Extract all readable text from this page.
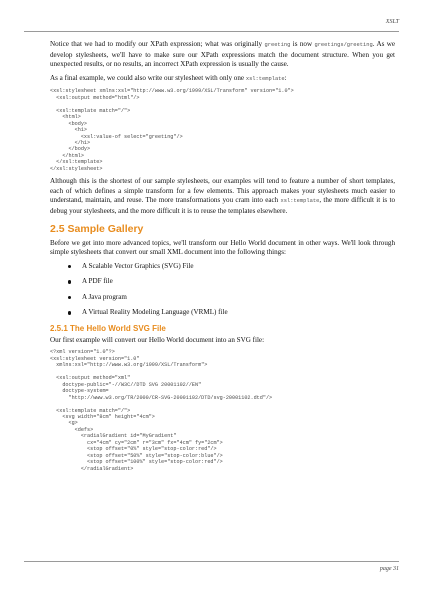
XSLT

Notice that we had to modify our XPath expression; what was originally greeting is now greetings/greeting. As we develop stylesheets, we'll have to make sure our XPath expressions match the document structure. When you get unexpected results, or no results, an incorrect XPath expression is usually the cause.

As a final example, we could also write our stylesheet with only one xsl:template:

<xsl:stylesheet xmlns:xsl="http://www.w3.org/1999/XSL/Transform" version="1.0">
<xsl:output method="html"/>

<xsl:template match="/">
<html>
<body>
<h1>
<xsl:value-of select="greeting"/>
</h1>
</body>
</html>
</xsl:template>
</xsl:stylesheet>

Although this is the shortest of our sample stylesheets, our examples will tend to feature a number of short templates, each of which defines a simple transform for a few elements. This approach makes your stylesheets much easier to understand, maintain, and reuse. The more transformations you cram into each xsl:template, the more difficult it is to debug your stylesheets, and the more difficult it is to reuse the templates elsewhere.

2.5 Sample Gallery

Before we get into more advanced topics, we'll transform our Hello World document in other ways. We'll look through simple stylesheets that convert our small XML document into the following things:

A Scalable Vector Graphics (SVG) File
A PDF file
A Java program
A Virtual Reality Modeling Language (VRML) file
2.5.1 The Hello World SVG File

Our first example will convert our Hello World document into an SVG file:

<?xml version="1.0"?>
<xsl:stylesheet version="1.0"
xmlns:xsl="http://www.w3.org/1999/XSL/Transform">

<xsl:output method="xml"
doctype-public="-//W3C//DTD SVG 20001102//EN"
doctype-system=
"http://www.w3.org/TR/2000/CR-SVG-20001102/DTD/svg-20001102.dtd"/>

<xsl:template match="/">
<svg width="8cm" height="4cm">
<g>
<defs>
<radialGradient id="MyGradient"
cx="4cm" cy="2cm" r="3cm" fx="4cm" fy="2cm">
<stop offset="0%" style="stop-color:red"/>
<stop offset="50%" style="stop-color:blue"/>
<stop offset="100%" style="stop-color:red"/>
</radialGradient>
page 31
